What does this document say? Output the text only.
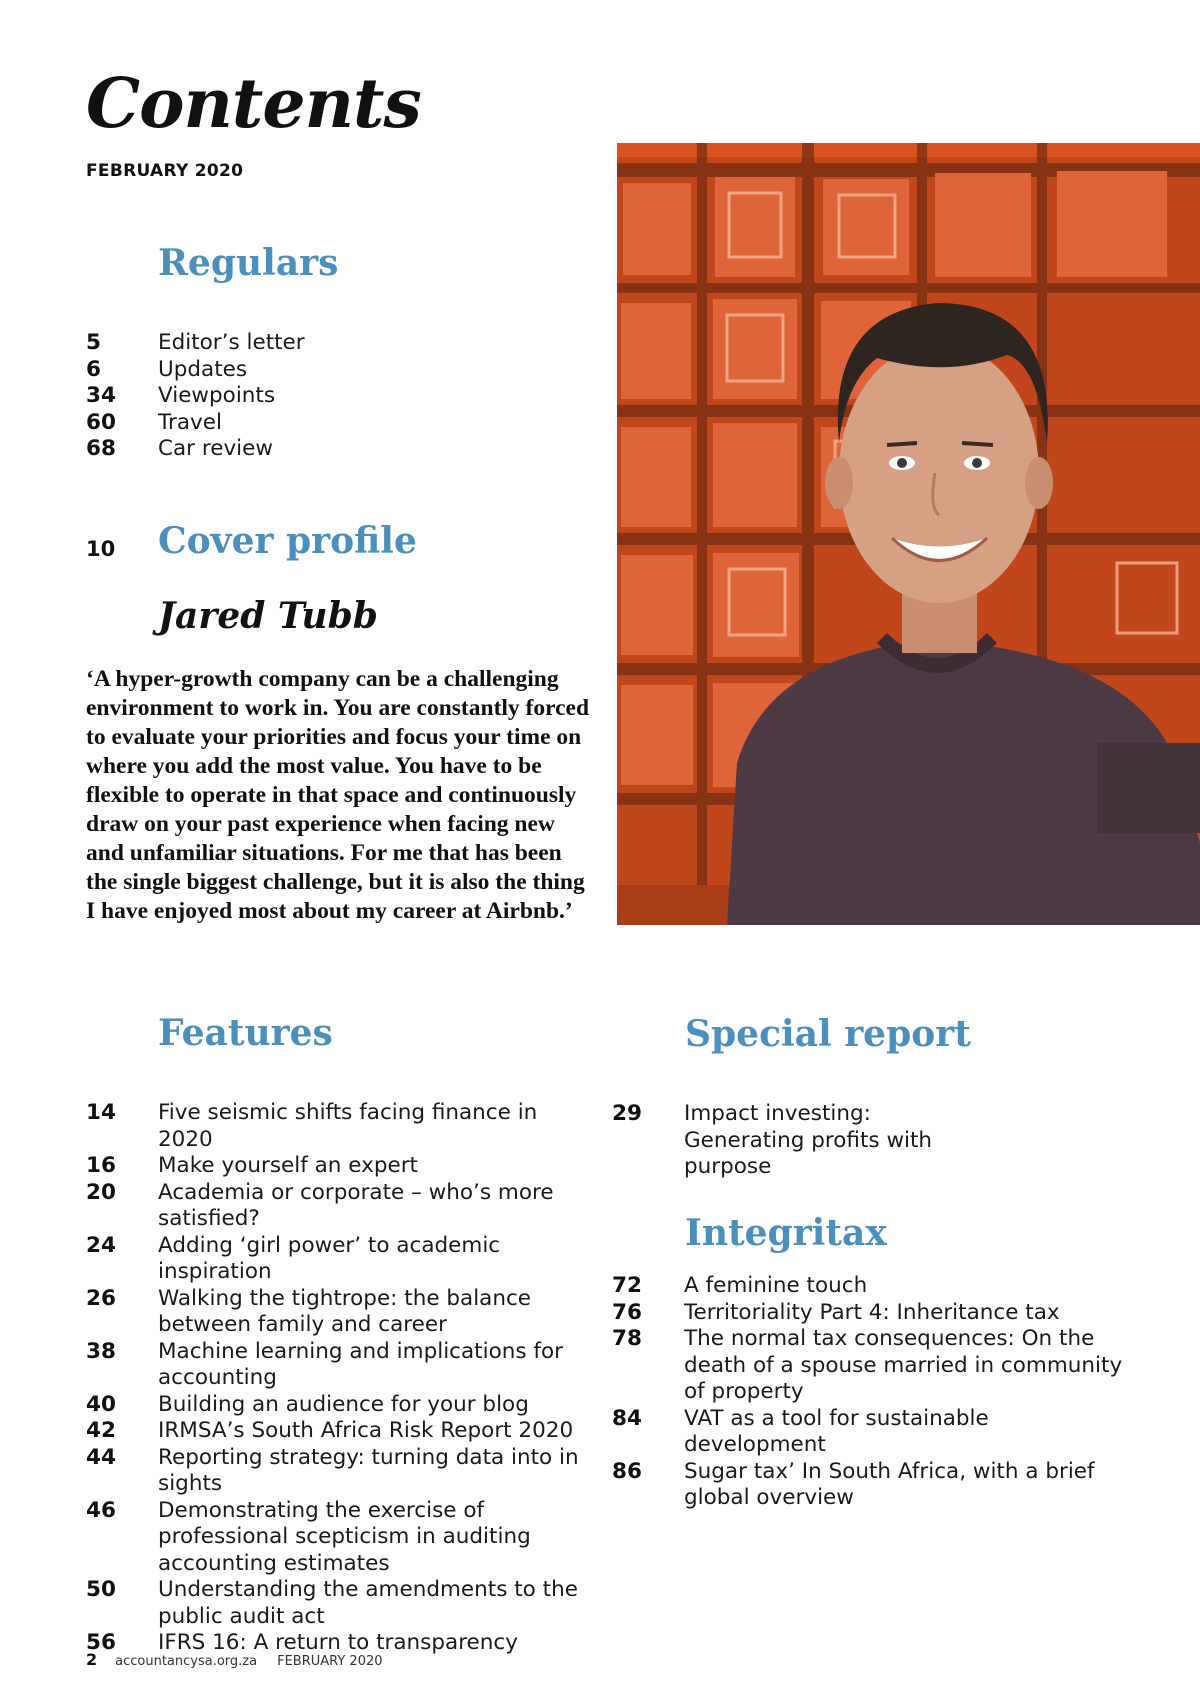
Contents
FEBRUARY 2020
Regulars
5	Editor’s letter
6	Updates
34	Viewpoints
60	Travel
68	Car review
10 Cover profile
Jared Tubb

‘A hyper-growth company can be a challenging environment to work in. You are constantly forced to evaluate your priorities and focus your time on where you add the most value. You have to be flexible to operate in that space and continuously draw on your past experience when facing new and unfamiliar situations. For me that has been the single biggest challenge, but it is also the thing I have enjoyed most about my career at Airbnb.’

Features
14	Five seismic shifts facing finance in 2020
16	Make yourself an expert
20	Academia or corporate – who’s more satisfied?
24	Adding ‘girl power’ to academic inspiration
26	Walking the tightrope: the balance between family and career
38	Machine learning and implications for accounting
40	Building an audience for your blog
42	IRMSA’s South Africa Risk Report 2020
44	Reporting strategy: turning data into in sights
46	Demonstrating the exercise of professional scepticism in auditing accounting estimates
50	Understanding the amendments to the public audit act
56	IFRS 16: A return to transparency
Special report
29	Impact investing: Generating profits with purpose
Integritax
72	A feminine touch
76	Territoriality Part 4: Inheritance tax
78	The normal tax consequences: On the death of a spouse married in community of property
84	VAT as a tool for sustainable development
86	Sugar tax’ In South Africa, with a brief global overview
2 accountancysa.org.za FEBRUARY 2020
